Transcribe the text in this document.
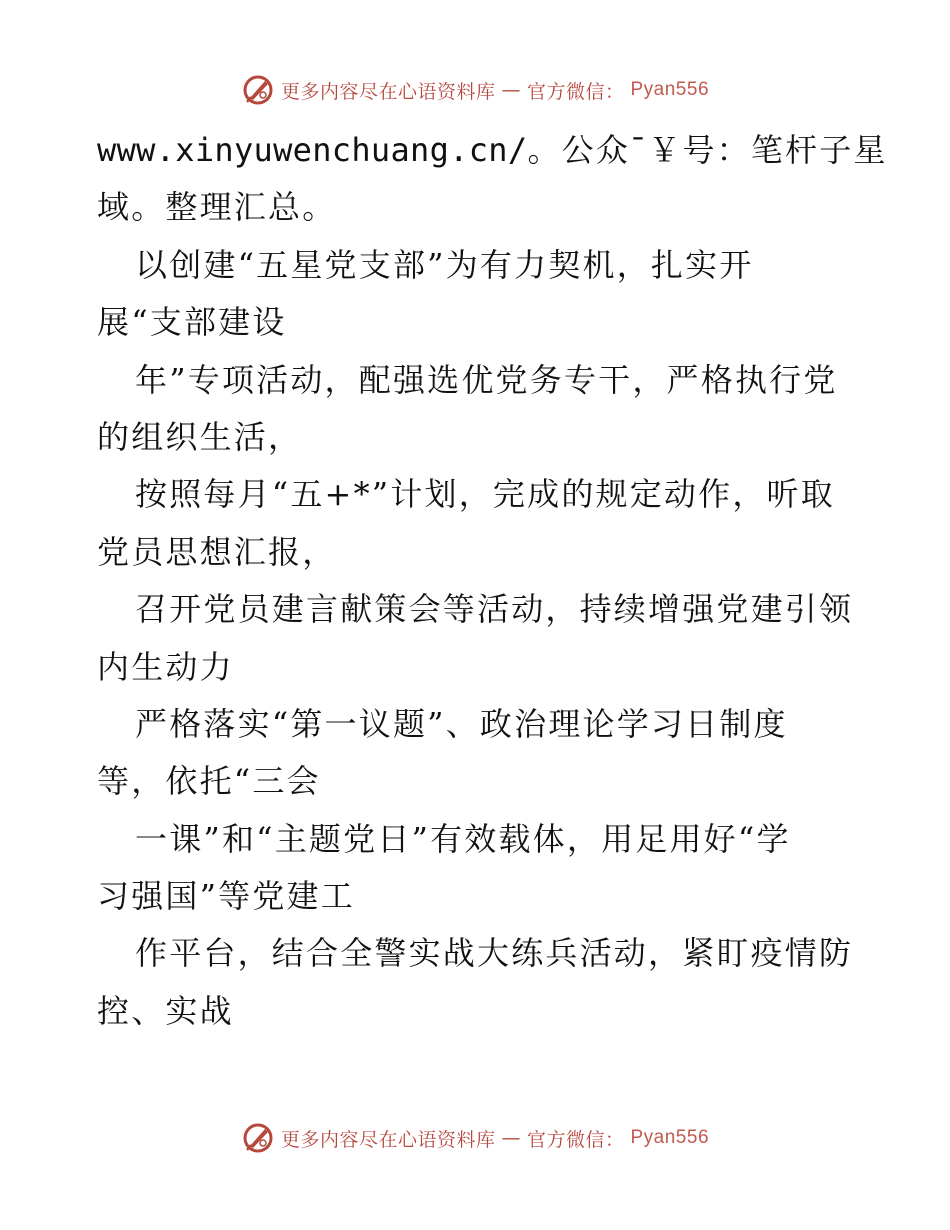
更多内容尽在心语资料库 — 官方微信： Pyan556
www.xinyuwenchuang.cn/。公众¯￥号：笔杆子星
域。整理汇总。
以创建“五星党支部”为有力契机，扎实开
展“支部建设
年”专项活动，配强选优党务专干，严格执行党
的组织生活，
按照每月“五+*”计划，完成的规定动作，听取
党员思想汇报，
召开党员建言献策会等活动，持续增强党建引领
内生动力
严格落实“第一议题”、政治理论学习日制度
等，依托“三会
一课”和“主题党日”有效载体，用足用好“学
习强国”等党建工
作平台，结合全警实战大练兵活动，紧盯疫情防
控、实战
更多内容尽在心语资料库 — 官方微信： Pyan556
